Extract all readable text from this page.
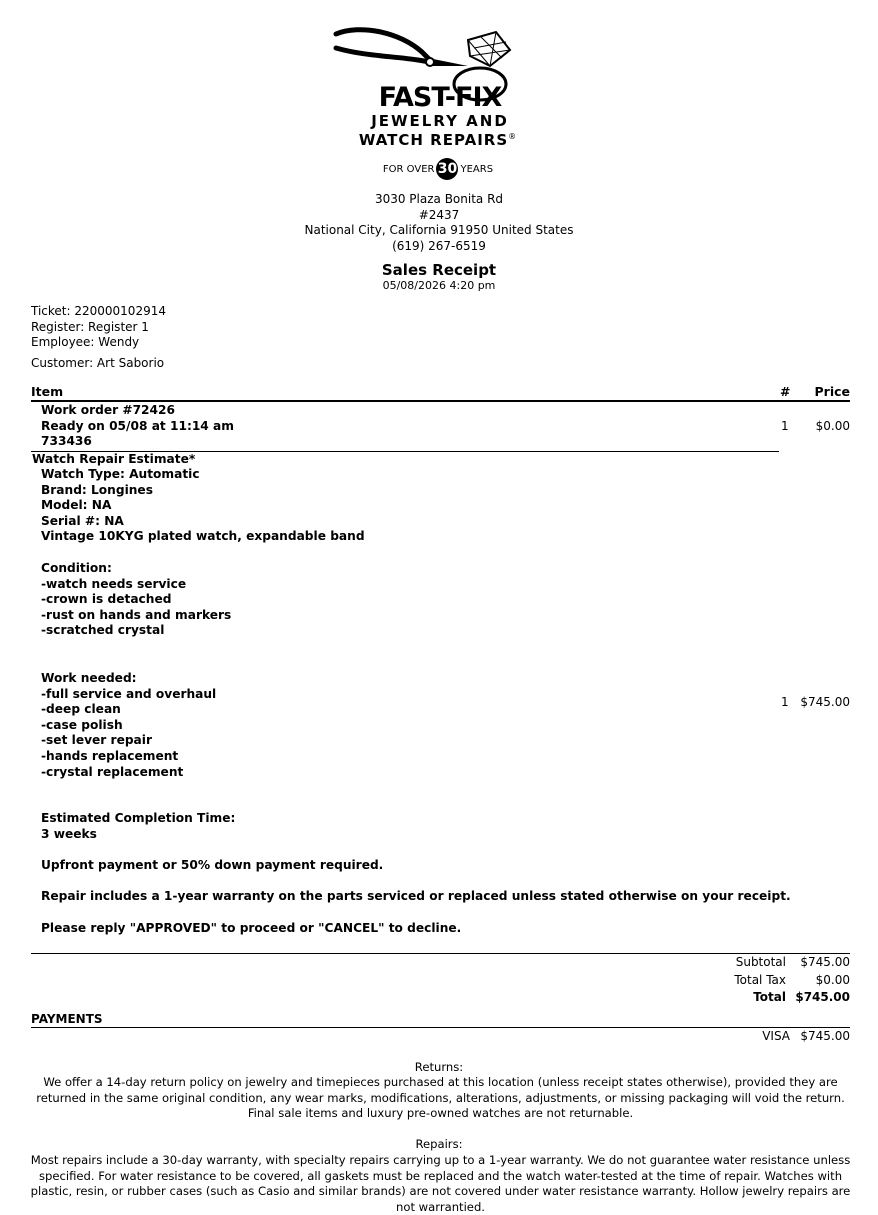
FAST-FIX
JEWELRY AND
WATCH REPAIRS®
FOR OVER 30 YEARS
3030 Plaza Bonita Rd
#2437
National City, California 91950 United States
(619) 267-6519
Sales Receipt
05/08/2026 4:20 pm
Ticket: 220000102914
Register: Register 1
Employee: Wendy
Customer: Art Saborio
Item	#	Price
Work order #72426
Ready on 05/08 at 11:14 am
733436
1	$0.00
Watch Repair Estimate*
Watch Type: Automatic
Brand: Longines
Model: NA
Serial #: NA
Vintage 10KYG plated watch, expandable band
Condition:
-watch needs service
-crown is detached
-rust on hands and markers
-scratched crystal
Work needed:
-full service and overhaul
-deep clean
-case polish
-set lever repair
-hands replacement
-crystal replacement
1 $745.00
Estimated Completion Time:
3 weeks
Upfront payment or 50% down payment required.
Repair includes a 1-year warranty on the parts serviced or replaced unless stated otherwise on your receipt.
Please reply "APPROVED" to proceed or "CANCEL" to decline.
Subtotal	$745.00
Total Tax	$0.00
Total $745.00
PAYMENTS
VISA $745.00
Returns:
We offer a 14-day return policy on jewelry and timepieces purchased at this location (unless receipt states otherwise), provided they are returned in the same original condition, any wear marks, modifications, alterations, adjustments, or missing packaging will void the return. Final sale items and luxury pre-owned watches are not returnable.
Repairs:
Most repairs include a 30-day warranty, with specialty repairs carrying up to a 1-year warranty. We do not guarantee water resistance unless specified. For water resistance to be covered, all gaskets must be replaced and the watch water-tested at the time of repair. Watches with plastic, resin, or rubber cases (such as Casio and similar brands) are not covered under water resistance warranty. Hollow jewelry repairs are not warrantied.
